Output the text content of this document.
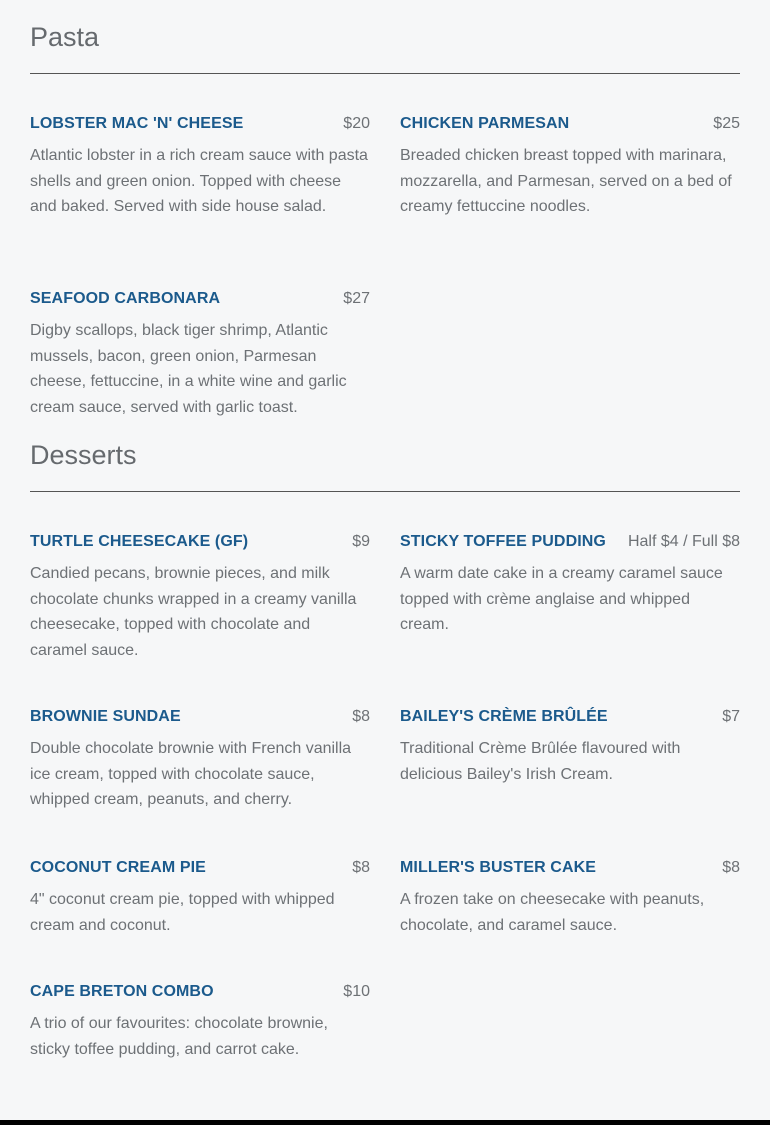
Pasta
LOBSTER MAC 'N' CHEESE	$20
Atlantic lobster in a rich cream sauce with pasta shells and green onion. Topped with cheese and baked. Served with side house salad.
CHICKEN PARMESAN	$25
Breaded chicken breast topped with marinara, mozzarella, and Parmesan, served on a bed of creamy fettuccine noodles.
SEAFOOD CARBONARA	$27
Digby scallops, black tiger shrimp, Atlantic mussels, bacon, green onion, Parmesan cheese, fettuccine, in a white wine and garlic cream sauce, served with garlic toast.
Desserts
TURTLE CHEESECAKE (GF)	$9
Candied pecans, brownie pieces, and milk chocolate chunks wrapped in a creamy vanilla cheesecake, topped with chocolate and caramel sauce.
STICKY TOFFEE PUDDING Half $4 / Full $8
A warm date cake in a creamy caramel sauce topped with crème anglaise and whipped cream.
BROWNIE SUNDAE	$8
Double chocolate brownie with French vanilla ice cream, topped with chocolate sauce, whipped cream, peanuts, and cherry.
BAILEY'S CRÈME BRÛLÉE	$7
Traditional Crème Brûlée flavoured with delicious Bailey's Irish Cream.
COCONUT CREAM PIE	$8
4" coconut cream pie, topped with whipped cream and coconut.
MILLER'S BUSTER CAKE	$8
A frozen take on cheesecake with peanuts, chocolate, and caramel sauce.
CAPE BRETON COMBO	$10
A trio of our favourites: chocolate brownie, sticky toffee pudding, and carrot cake.
